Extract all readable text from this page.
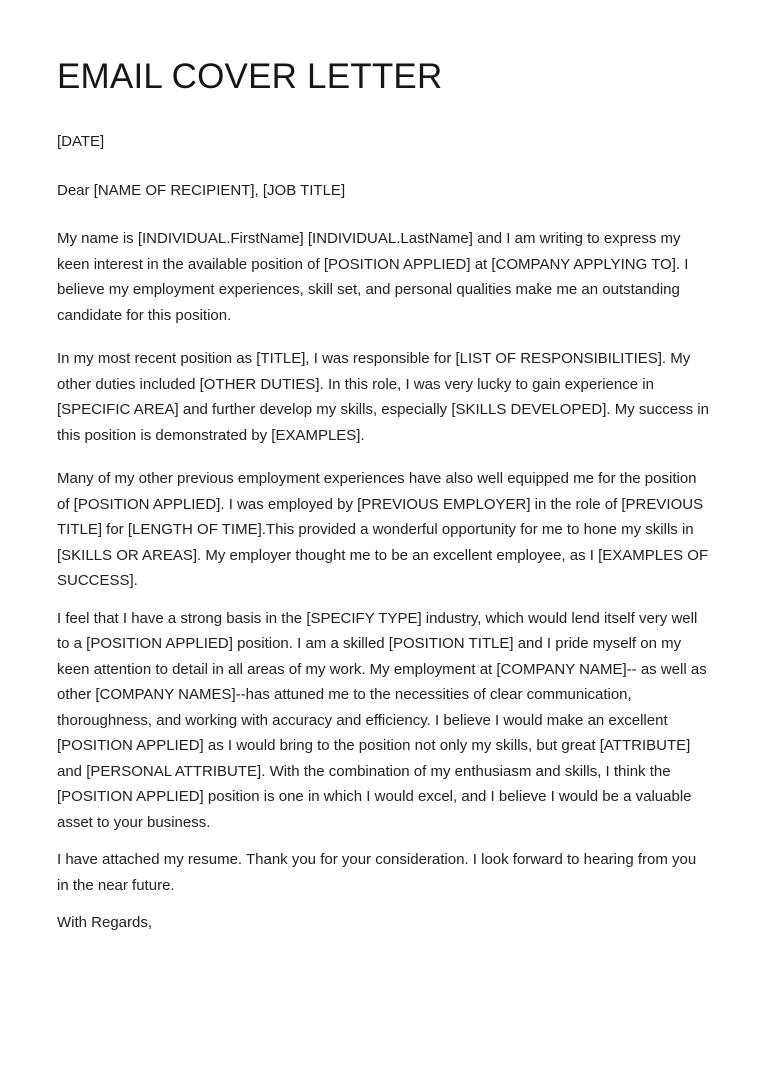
EMAIL COVER LETTER

[DATE]

Dear [NAME OF RECIPIENT], [JOB TITLE]

My name is [INDIVIDUAL.FirstName] [INDIVIDUAL.LastName] and I am writing to express my keen interest in the available position of [POSITION APPLIED] at [COMPANY APPLYING TO]. I believe my employment experiences, skill set, and personal qualities make me an outstanding candidate for this position.

In my most recent position as [TITLE], I was responsible for [LIST OF RESPONSIBILITIES]. My other duties included [OTHER DUTIES]. In this role, I was very lucky to gain experience in [SPECIFIC AREA] and further develop my skills, especially [SKILLS DEVELOPED]. My success in this position is demonstrated by [EXAMPLES].

Many of my other previous employment experiences have also well equipped me for the position of [POSITION APPLIED]. I was employed by [PREVIOUS EMPLOYER] in the role of [PREVIOUS TITLE] for [LENGTH OF TIME].This provided a wonderful opportunity for me to hone my skills in [SKILLS OR AREAS]. My employer thought me to be an excellent employee, as I [EXAMPLES OF SUCCESS].

I feel that I have a strong basis in the [SPECIFY TYPE] industry, which would lend itself very well to a [POSITION APPLIED] position. I am a skilled [POSITION TITLE] and I pride myself on my keen attention to detail in all areas of my work. My employment at [COMPANY NAME]-- as well as other [COMPANY NAMES]--has attuned me to the necessities of clear communication, thoroughness, and working with accuracy and efficiency. I believe I would make an excellent [POSITION APPLIED] as I would bring to the position not only my skills, but great [ATTRIBUTE] and [PERSONAL ATTRIBUTE]. With the combination of my enthusiasm and skills, I think the [POSITION APPLIED] position is one in which I would excel, and I believe I would be a valuable asset to your business.

I have attached my resume. Thank you for your consideration. I look forward to hearing from you in the near future.

With Regards,
